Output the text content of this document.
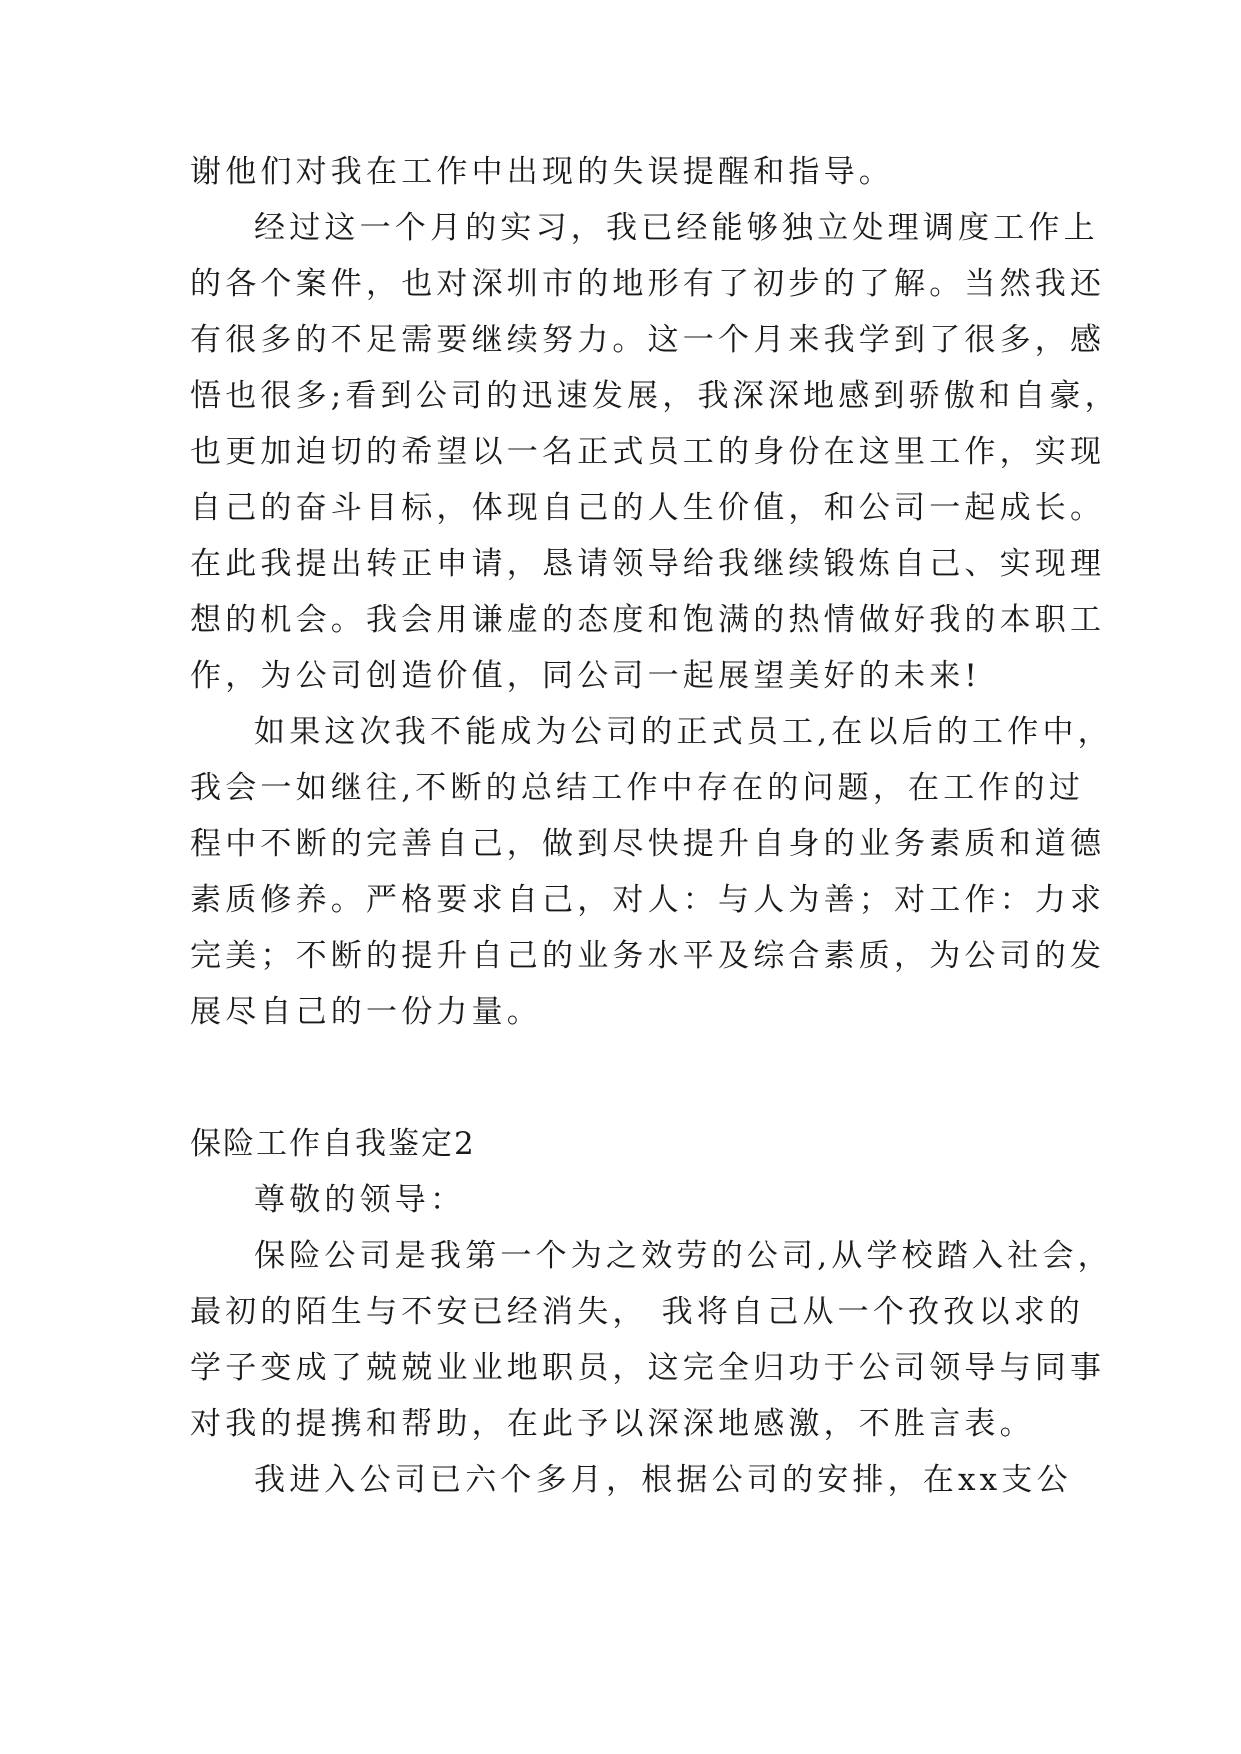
谢他们对我在工作中出现的失误提醒和指导。
经过这一个月的实习，我已经能够独立处理调度工作上
的各个案件，也对深圳市的地形有了初步的了解。当然我还
有很多的不足需要继续努力。这一个月来我学到了很多，感
悟也很多;看到公司的迅速发展，我深深地感到骄傲和自豪，
也更加迫切的希望以一名正式员工的身份在这里工作，实现
自己的奋斗目标，体现自己的人生价值，和公司一起成长。
在此我提出转正申请，恳请领导给我继续锻炼自己、实现理
想的机会。我会用谦虚的态度和饱满的热情做好我的本职工
作，为公司创造价值，同公司一起展望美好的未来!
如果这次我不能成为公司的正式员工,在以后的工作中，
我会一如继往,不断的总结工作中存在的问题，在工作的过
程中不断的完善自己，做到尽快提升自身的业务素质和道德
素质修养。严格要求自己，对人：与人为善；对工作：力求
完美；不断的提升自己的业务水平及综合素质，为公司的发
展尽自己的一份力量。
保险工作自我鉴定2
尊敬的领导：
保险公司是我第一个为之效劳的公司,从学校踏入社会，
最初的陌生与不安已经消失， 我将自己从一个孜孜以求的
学子变成了兢兢业业地职员，这完全归功于公司领导与同事
对我的提携和帮助，在此予以深深地感激，不胜言表。
我进入公司已六个多月，根据公司的安排，在xx支公
